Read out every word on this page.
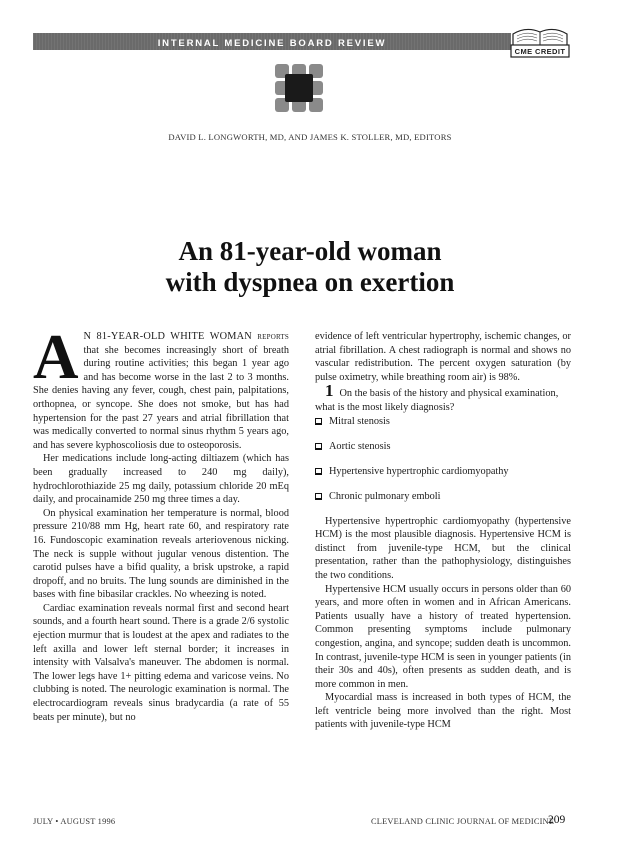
INTERNAL MEDICINE BOARD REVIEW
CME CREDIT
DAVID L. LONGWORTH, MD, AND JAMES K. STOLLER, MD, EDITORS
An 81-year-old woman
with dyspnea on exertion

A N 81-YEAR-OLD WHITE WOMAN reports that she becomes increasingly short of breath during routine activities; this began 1 year ago and has become worse in the last 2 to 3 months. She denies having any fever, cough, chest pain, palpitations, orthopnea, or syncope. She does not smoke, but has had hypertension for the past 27 years and atrial fibrillation that was medically converted to normal sinus rhythm 5 years ago, and has severe kyphoscoliosis due to osteoporosis.

Her medications include long-acting diltiazem (which has been gradually increased to 240 mg daily), hydrochlorothiazide 25 mg daily, potassium chloride 20 mEq daily, and procainamide 250 mg three times a day.

On physical examination her temperature is normal, blood pressure 210/88 mm Hg, heart rate 60, and respiratory rate 16. Fundoscopic examination reveals arteriovenous nicking. The neck is supple without jugular venous distention. The carotid pulses have a bifid quality, a brisk upstroke, a rapid dropoff, and no bruits. The lung sounds are diminished in the bases with fine bibasilar crackles. No wheezing is noted.

Cardiac examination reveals normal first and second heart sounds, and a fourth heart sound. There is a grade 2/6 systolic ejection murmur that is loudest at the apex and radiates to the left axilla and lower left sternal border; it increases in intensity with Valsalva's maneuver. The abdomen is normal. The lower legs have 1+ pitting edema and varicose veins. No clubbing is noted. The neurologic examination is normal. The electrocardiogram reveals sinus bradycardia (a rate of 55 beats per minute), but no

evidence of left ventricular hypertrophy, ischemic changes, or atrial fibrillation. A chest radiograph is normal and shows no vascular redistribution. The percent oxygen saturation (by pulse oximetry, while breathing room air) is 98%.

1 On the basis of the history and physical examination, what is the most likely diagnosis?

Mitral stenosis
Aortic stenosis
Hypertensive hypertrophic cardiomyopathy
Chronic pulmonary emboli

Hypertensive hypertrophic cardiomyopathy (hypertensive HCM) is the most plausible diagnosis. Hypertensive HCM is distinct from juvenile-type HCM, but the clinical presentation, rather than the pathophysiology, distinguishes the two conditions.

Hypertensive HCM usually occurs in persons older than 60 years, and more often in women and in African Americans. Patients usually have a history of treated hypertension. Common presenting symptoms include pulmonary congestion, angina, and syncope; sudden death is uncommon. In contrast, juvenile-type HCM is seen in younger patients (in their 30s and 40s), often presents as sudden death, and is more common in men.

Myocardial mass is increased in both types of HCM, the left ventricle being more involved than the right. Most patients with juvenile-type HCM

JULY • AUGUST 1996	CLEVELAND CLINIC JOURNAL OF MEDICINE
209
